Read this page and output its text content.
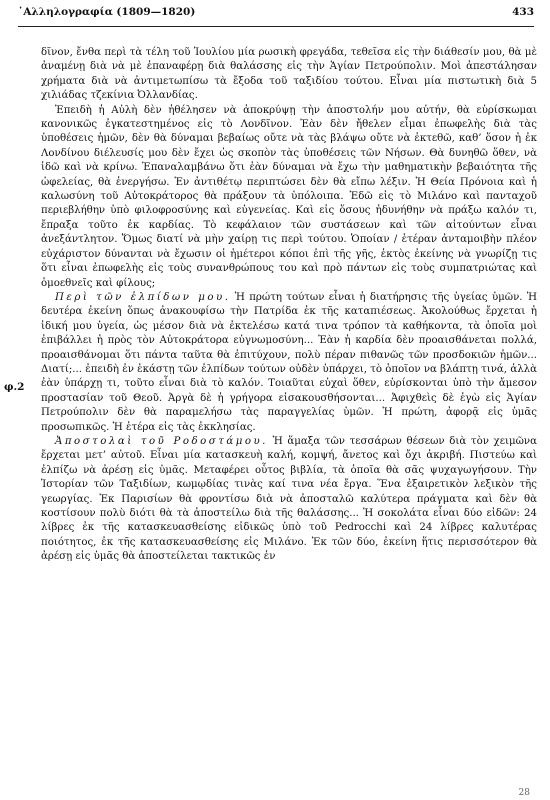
᾿Αλληλογραφία (1809—1820)	433
φ.2

δῖνον, ἔνθα περὶ τὰ τέλη τοῦ Ἰουλίου μία ρωσικὴ φρεγάδα, τεθεῖσα εἰς τὴν διάθεσίν μου, θὰ μὲ ἀναμένῃ διὰ νὰ μὲ ἐπαναφέρῃ διὰ θαλάσσης εἰς τὴν Ἁγίαν Πετρούπολιν. Μοὶ ἀπεστάλησαν χρήματα διὰ νὰ ἀντιμετωπίσω τὰ ἔξοδα τοῦ ταξιδίου τούτου. Εἶναι μία πιστωτικὴ διὰ 5 χιλιάδας τζεκίνια Ὀλλανδίας.

Ἐπειδὴ ἡ Αὐλὴ δὲν ἠθέλησεν νὰ ἀποκρύψῃ τὴν ἀποστολήν μου αὐτήν, θὰ εὑρίσκωμαι κανονικῶς ἐγκατεστημένος εἰς τὸ Λονδῖνον. Ἐὰν δὲν ἤθελεν εἶμαι ἐπωφελὴς διὰ τὰς ὑποθέσεις ἡμῶν, δὲν θὰ δύναμαι βεβαίως οὔτε νὰ τὰς βλάψω οὔτε νὰ ἐκτεθῶ, καθ’ ὅσον ἡ ἐκ Λονδίνου διέλευσίς μου δὲν ἔχει ὡς σκοπὸν τὰς ὑποθέσεις τῶν Νήσων. Θὰ δυνηθῶ ὅθεν, νὰ ἰδῶ καὶ νὰ κρίνω. Ἐπαναλαμβάνω ὅτι ἐὰν δύναμαι νὰ ἔχω τὴν μαθηματικὴν βεβαιότητα τῆς ὠφελείας, θὰ ἐνεργήσω. Ἐν ἀντιθέτῳ περιπτώσει δὲν θὰ εἴπω λέξιν. Ἡ Θεία Πρόνοια καὶ ἡ καλωσύνη τοῦ Αὐτοκράτορος θὰ πράξουν τὰ ὑπόλοιπα. Ἐδῶ εἰς τὸ Μιλάνο καὶ πανταχοῦ περιεβλήθην ὑπὸ φιλοφροσύνης καὶ εὐγενείας. Καὶ εἰς ὅσους ἠδυνήθην νὰ πράξω καλόν τι, ἔπραξα τοῦτο ἐκ καρδίας. Τὸ κεφάλαιον τῶν συστάσεων καὶ τῶν αἰτούντων εἶναι ἀνεξάντλητον. Ὅμως διατί νὰ μὴν χαίρῃ τις περὶ τούτου. Ὁποίαν / ἑτέραν ἀνταμοιβὴν πλέον εὐχάριστον δύνανται νὰ ἔχωσιν οἱ ἡμέτεροι κόποι ἐπὶ τῆς γῆς, ἐκτὸς ἐκείνης νὰ γνωρίζῃ τις ὅτι εἶναι ἐπωφελὴς εἰς τοὺς συνανθρώπους του καὶ πρὸ πάντων εἰς τοὺς συμπατριώτας καὶ ὁμοεθνεῖς καὶ φίλους;

Περὶ τῶν ἐλπίδων μου. Ἡ πρώτη τούτων εἶναι ἡ διατήρησις τῆς ὑγείας ὑμῶν. Ἡ δευτέρα ἐκείνη ὅπως ἀνακουφίσω τὴν Πατρίδα ἐκ τῆς καταπιέσεως. Ἀκολούθως ἔρχεται ἡ ἰδική μου ὑγεία, ὡς μέσον διὰ νὰ ἐκτελέσω κατά τινα τρόπον τὰ καθήκοντα, τὰ ὁποῖα μοὶ ἐπιβάλλει ἡ πρὸς τὸν Αὐτοκράτορα εὐγνωμοσύνη... Ἐὰν ἡ καρδία δὲν προαισθάνεται πολλά, προαισθάνομαι ὅτι πάντα ταῦτα θὰ ἐπιτύχουν, πολὺ πέραν πιθανῶς τῶν προσδοκιῶν ἡμῶν... Διατί;... ἐπειδὴ ἐν ἑκάστῃ τῶν ἐλπίδων τούτων οὐδὲν ὑπάρχει, τὸ ὁποῖον να βλάπτῃ τινά, ἀλλὰ ἐὰν ὑπάρχῃ τι, τοῦτο εἶναι διὰ τὸ καλόν. Τοιαῦται εὐχαὶ ὅθεν, εὑρίσκονται ὑπὸ τὴν ἄμεσον προστασίαν τοῦ Θεοῦ. Ἀργὰ δὲ ἡ γρήγορα εἰσακουσθήσονται... Ἀφιχθεὶς δὲ ἐγὼ εἰς Ἁγίαν Πετρούπολιν δὲν θὰ παραμελήσω τὰς παραγγελίας ὑμῶν. Ἡ πρώτη, ἀφορᾷ εἰς ὑμᾶς προσωπικῶς. Ἡ ἑτέρα εἰς τὰς ἐκκλησίας.

Ἀποστολαὶ τοῦ Ροδοστάμου. Ἡ ἅμαξα τῶν τεσσάρων θέσεων διὰ τὸν χειμῶνα ἔρχεται μετ’ αὐτοῦ. Εἶναι μία κατασκευὴ καλή, κομψή, ἄνετος καὶ ὄχι ἀκριβή. Πιστεύω καὶ ἐλπίζω νὰ ἀρέσῃ εἰς ὑμᾶς. Μεταφέρει οὗτος βιβλία, τὰ ὁποῖα θὰ σᾶς ψυχαγωγήσουν. Τὴν Ἱστορίαν τῶν Ταξιδίων, κωμῳδίας τινὰς καί τινα νέα ἔργα. Ἕνα ἐξαιρετικὸν λεξικὸν τῆς γεωργίας. Ἐκ Παρισίων θὰ φροντίσω διὰ νὰ ἀποσταλῶ καλύτερα πράγματα καὶ δὲν θὰ κοστίσουν πολὺ διότι θὰ τὰ ἀποστείλω διὰ τῆς θαλάσσης... Ἡ σοκολάτα εἶναι δύο εἰδῶν: 24 λίβρες ἐκ τῆς κατασκευασθείσης εἰδικῶς ὑπὸ τοῦ Pedrocchi καὶ 24 λίβρες καλυτέρας ποιότητος, ἐκ τῆς κατασκευασθείσης εἰς Μιλάνο. Ἐκ τῶν δύο, ἐκείνη ἥτις περισσότερον θὰ ἀρέσῃ εἰς ὑμᾶς θὰ ἀποστείλεται τακτικῶς ἐν

28
